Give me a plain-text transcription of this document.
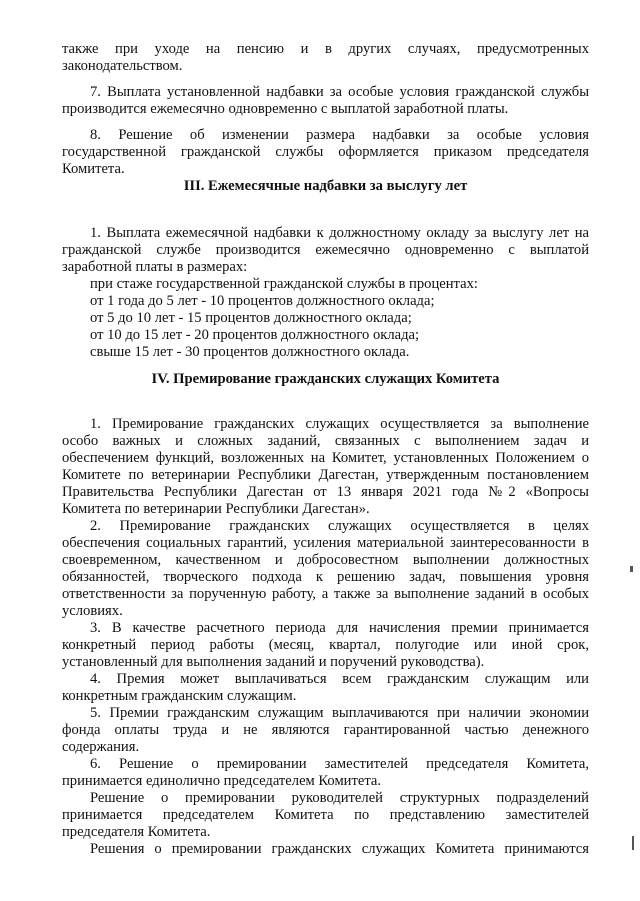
также при уходе на пенсию и в других случаях, предусмотренных
законодательством.
7. Выплата установленной надбавки за особые условия гражданской службы
производится ежемесячно одновременно с выплатой заработной платы.
8. Решение об изменении размера надбавки за особые условия
государственной гражданской службы оформляется приказом председателя
Комитета.
III. Ежемесячные надбавки за выслугу лет
1. Выплата ежемесячной надбавки к должностному окладу за выслугу лет на
гражданской службе производится ежемесячно одновременно с выплатой
заработной платы в размерах:
при стаже государственной гражданской службы в процентах:
от 1 года до 5 лет - 10 процентов должностного оклада;
от 5 до 10 лет - 15 процентов должностного оклада;
от 10 до 15 лет - 20 процентов должностного оклада;
свыше 15 лет - 30 процентов должностного оклада.
IV. Премирование гражданских служащих Комитета
1. Премирование гражданских служащих осуществляется за выполнение
особо важных и сложных заданий, связанных с выполнением задач и
обеспечением функций, возложенных на Комитет, установленных Положением о
Комитете по ветеринарии Республики Дагестан, утвержденным постановлением
Правительства Республики Дагестан от 13 января 2021 года №2 «Вопросы
Комитета по ветеринарии Республики Дагестан».
2. Премирование гражданских служащих осуществляется в целях
обеспечения социальных гарантий, усиления материальной заинтересованности в
своевременном, качественном и добросовестном выполнении должностных
обязанностей, творческого подхода к решению задач, повышения уровня
ответственности за порученную работу, а также за выполнение заданий в особых
условиях.
3. В качестве расчетного периода для начисления премии принимается
конкретный период работы (месяц, квартал, полугодие или иной срок,
установленный для выполнения заданий и поручений руководства).
4. Премия может выплачиваться всем гражданским служащим или
конкретным гражданским служащим.
5. Премии гражданским служащим выплачиваются при наличии экономии
фонда оплаты труда и не являются гарантированной частью денежного
содержания.
6. Решение о премировании заместителей председателя Комитета,
принимается единолично председателем Комитета.
Решение о премировании руководителей структурных подразделений
принимается председателем Комитета по представлению заместителей
председателя Комитета.
Решения о премировании гражданских служащих Комитета принимаются
